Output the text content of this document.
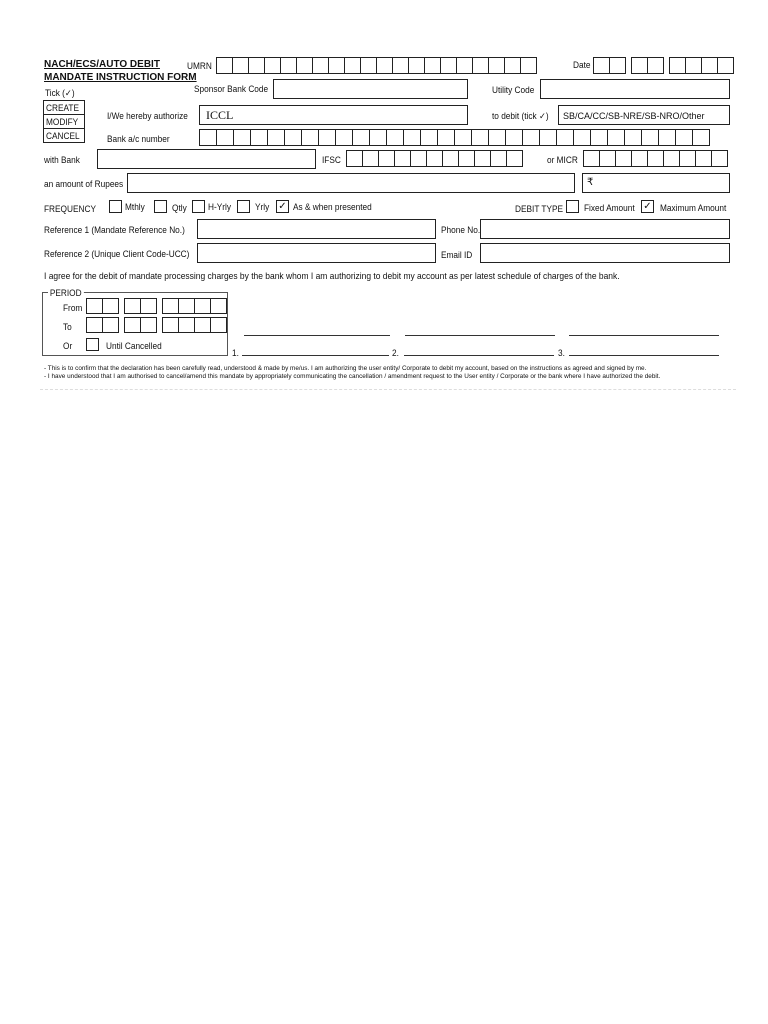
NACH/ECS/AUTO DEBIT
MANDATE INSTRUCTION FORM
UMRN	Date
Tick (✓)
CREATE
MODIFY
CANCEL
Sponsor Bank Code	Utility Code
I/We hereby authorize	ICCL	to debit (tick ✓)	SB/CA/CC/SB-NRE/SB-NRO/Other
Bank a/c number
with Bank	IFSC	or MICR
an amount of Rupees	₹
FREQUENCY	Mthly	Qtly H-Yrly	Yrly ✓ As & when presented	DEBIT TYPE Fixed Amount ✓ Maximum Amount
Reference 1 (Mandate Reference No.)	Phone No.
Reference 2 (Unique Client Code-UCC)	Email ID
I agree for the debit of mandate processing charges by the bank whom I am authorizing to debit my account as per latest schedule of charges of the bank.
PERIOD
From
To
Or	Until Cancelled
1.	2.	3.
- This is to confirm that the declaration has been carefully read, understood & made by me/us. I am authorizing the user entity/ Corporate to debit my account, based on the instructions as agreed and signed by me.
- I have understood that I am authorised to cancel/amend this mandate by appropriately communicating the cancellation / amendment request to the User entity / Corporate or the bank where I have authorized the debit.
